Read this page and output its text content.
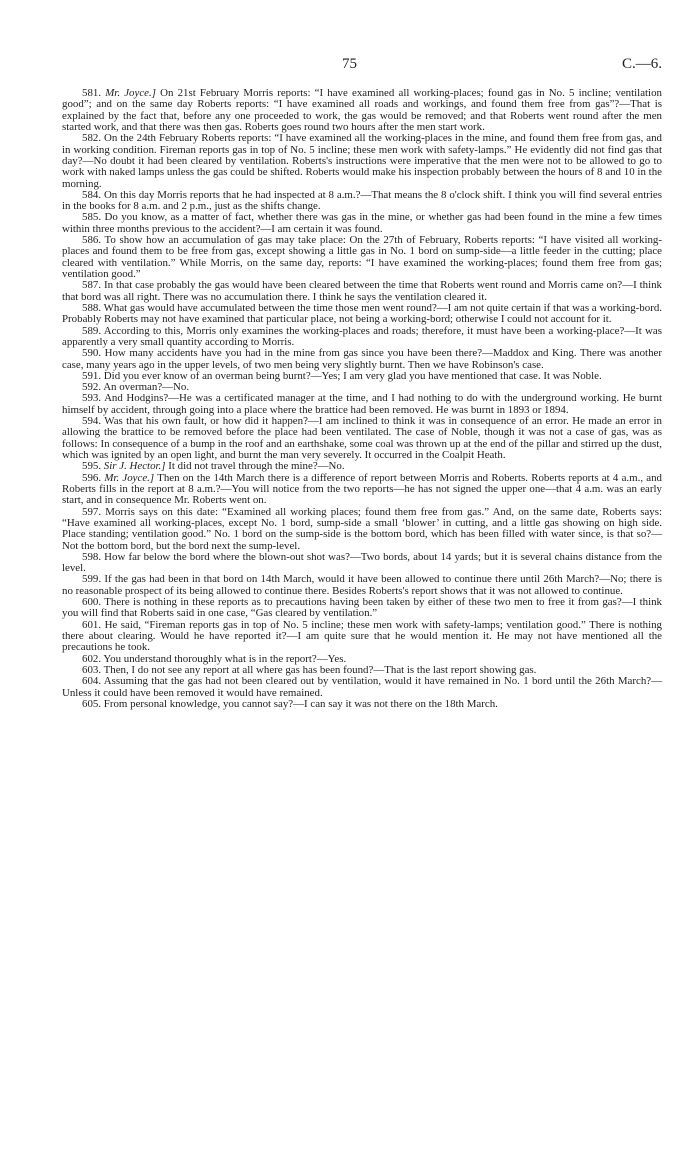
75	C.—6.

581. Mr. Joyce.] On 21st February Morris reports: “I have examined all working-places; found gas in No. 5 incline; ventilation good”; and on the same day Roberts reports: “I have examined all roads and workings, and found them free from gas”?—That is explained by the fact that, before any one proceeded to work, the gas would be removed; and that Roberts went round after the men started work, and that there was then gas. Roberts goes round two hours after the men start work.

582. On the 24th February Roberts reports: “I have examined all the working-places in the mine, and found them free from gas, and in working condition. Fireman reports gas in top of No. 5 incline; these men work with safety-lamps.” He evidently did not find gas that day?—No doubt it had been cleared by ventilation. Roberts's instructions were imperative that the men were not to be allowed to go to work with naked lamps unless the gas could be shifted. Roberts would make his inspection probably between the hours of 8 and 10 in the morning.

584. On this day Morris reports that he had inspected at 8 a.m.?—That means the 8 o'clock shift. I think you will find several entries in the books for 8 a.m. and 2 p.m., just as the shifts change.

585. Do you know, as a matter of fact, whether there was gas in the mine, or whether gas had been found in the mine a few times within three months previous to the accident?—I am certain it was found.

586. To show how an accumulation of gas may take place: On the 27th of February, Roberts reports: “I have visited all working-places and found them to be free from gas, except showing a little gas in No. 1 bord on sump-side—a little feeder in the cutting; place cleared with ventilation.” While Morris, on the same day, reports: “I have examined the working-places; found them free from gas; ventilation good.”

587. In that case probably the gas would have been cleared between the time that Roberts went round and Morris came on?—I think that bord was all right. There was no accumulation there. I think he says the ventilation cleared it.

588. What gas would have accumulated between the time those men went round?—I am not quite certain if that was a working-bord. Probably Roberts may not have examined that particular place, not being a working-bord; otherwise I could not account for it.

589. According to this, Morris only examines the working-places and roads; therefore, it must have been a working-place?—It was apparently a very small quantity according to Morris.

590. How many accidents have you had in the mine from gas since you have been there?—Maddox and King. There was another case, many years ago in the upper levels, of two men being very slightly burnt. Then we have Robinson's case.

591. Did you ever know of an overman being burnt?—Yes; I am very glad you have mentioned that case. It was Noble.

592. An overman?—No.

593. And Hodgins?—He was a certificated manager at the time, and I had nothing to do with the underground working. He burnt himself by accident, through going into a place where the brattice had been removed. He was burnt in 1893 or 1894.

594. Was that his own fault, or how did it happen?—I am inclined to think it was in consequence of an error. He made an error in allowing the brattice to be removed before the place had been ventilated. The case of Noble, though it was not a case of gas, was as follows: In consequence of a bump in the roof and an earthshake, some coal was thrown up at the end of the pillar and stirred up the dust, which was ignited by an open light, and burnt the man very severely. It occurred in the Coalpit Heath.

595. Sir J. Hector.] It did not travel through the mine?—No.

596. Mr. Joyce.] Then on the 14th March there is a difference of report between Morris and Roberts. Roberts reports at 4 a.m., and Roberts fills in the report at 8 a.m.?—You will notice from the two reports—he has not signed the upper one—that 4 a.m. was an early start, and in consequence Mr. Roberts went on.

597. Morris says on this date: “Examined all working places; found them free from gas.” And, on the same date, Roberts says: “Have examined all working-places, except No. 1 bord, sump-side a small ‘blower’ in cutting, and a little gas showing on high side. Place standing; ventilation good.” No. 1 bord on the sump-side is the bottom bord, which has been filled with water since, is that so?—Not the bottom bord, but the bord next the sump-level.

598. How far below the bord where the blown-out shot was?—Two bords, about 14 yards; but it is several chains distance from the level.

599. If the gas had been in that bord on 14th March, would it have been allowed to continue there until 26th March?—No; there is no reasonable prospect of its being allowed to continue there. Besides Roberts's report shows that it was not allowed to continue.

600. There is nothing in these reports as to precautions having been taken by either of these two men to free it from gas?—I think you will find that Roberts said in one case, “Gas cleared by ventilation.”

601. He said, “Fireman reports gas in top of No. 5 incline; these men work with safety-lamps; ventilation good.” There is nothing there about clearing. Would he have reported it?—I am quite sure that he would mention it. He may not have mentioned all the precautions he took.

602. You understand thoroughly what is in the report?—Yes.

603. Then, I do not see any report at all where gas has been found?—That is the last report showing gas.

604. Assuming that the gas had not been cleared out by ventilation, would it have remained in No. 1 bord until the 26th March?—Unless it could have been removed it would have remained.

605. From personal knowledge, you cannot say?—I can say it was not there on the 18th March.
